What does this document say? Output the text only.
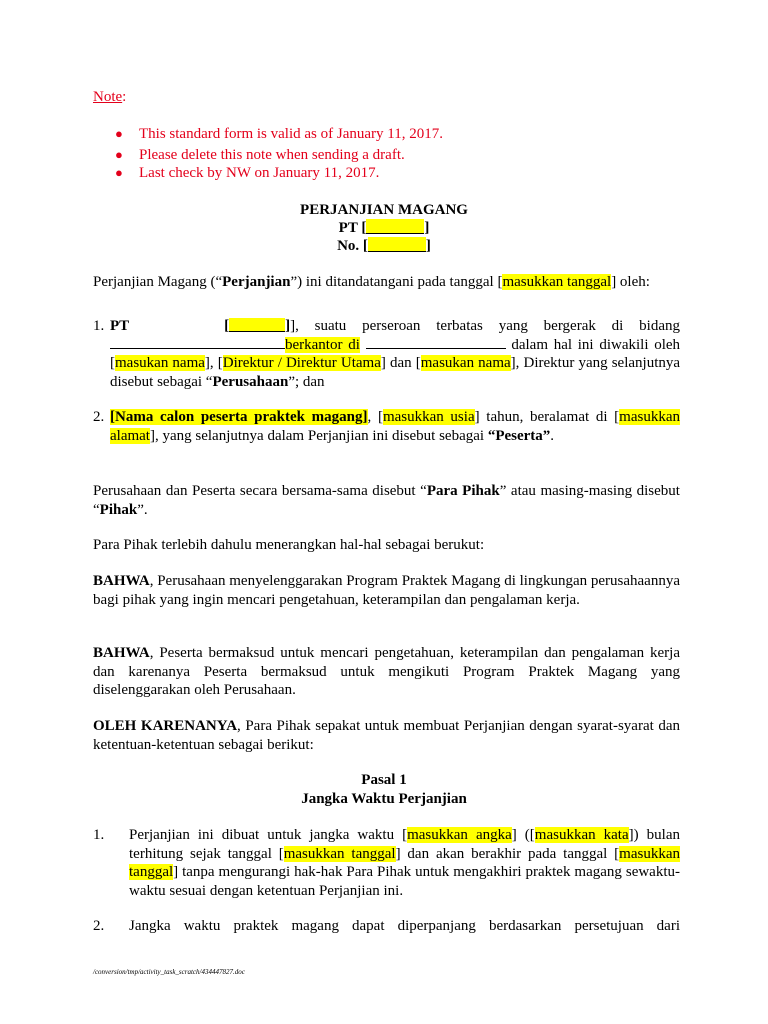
Note:
● This standard form is valid as of January 11, 2017.
● Please delete this note when sending a draft.
● Last check by NW on January 11, 2017.
PERJANJIAN MAGANG
PT [	]
No. [	]
Perjanjian Magang (“Perjanjian”) ini ditandatangani pada tanggal [masukkan tanggal] oleh:
1. PT	[	]], suatu perseroan terbatas yang bergerak di bidang berkantor di	dalam hal ini diwakili oleh [masukan nama], [Direktur / Direktur Utama] dan [masukan nama], Direktur yang selanjutnya disebut sebagai “Perusahaan”; dan
2. [Nama calon peserta praktek magang], [masukkan usia] tahun, beralamat di [masukkan alamat], yang selanjutnya dalam Perjanjian ini disebut sebagai “Peserta”.
Perusahaan dan Peserta secara bersama-sama disebut “Para Pihak” atau masing-masing disebut “Pihak”.
Para Pihak terlebih dahulu menerangkan hal-hal sebagai berukut:
BAHWA, Perusahaan menyelenggarakan Program Praktek Magang di lingkungan perusahaannya bagi pihak yang ingin mencari pengetahuan, keterampilan dan pengalaman kerja.
BAHWA, Peserta bermaksud untuk mencari pengetahuan, keterampilan dan pengalaman kerja dan karenanya Peserta bermaksud untuk mengikuti Program Praktek Magang yang diselenggarakan oleh Perusahaan.
OLEH KARENANYA, Para Pihak sepakat untuk membuat Perjanjian dengan syarat-syarat dan ketentuan-ketentuan sebagai berikut:
Pasal 1
Jangka Waktu Perjanjian
1. Perjanjian ini dibuat untuk jangka waktu [masukkan angka] ([masukkan kata]) bulan terhitung sejak tanggal [masukkan tanggal] dan akan berakhir pada tanggal [masukkan tanggal] tanpa mengurangi hak-hak Para Pihak untuk mengakhiri praktek magang sewaktu-waktu sesuai dengan ketentuan Perjanjian ini.
2. Jangka waktu praktek magang dapat diperpanjang berdasarkan persetujuan dari
/conversion/tmp/activity_task_scratch/434447827.doc
